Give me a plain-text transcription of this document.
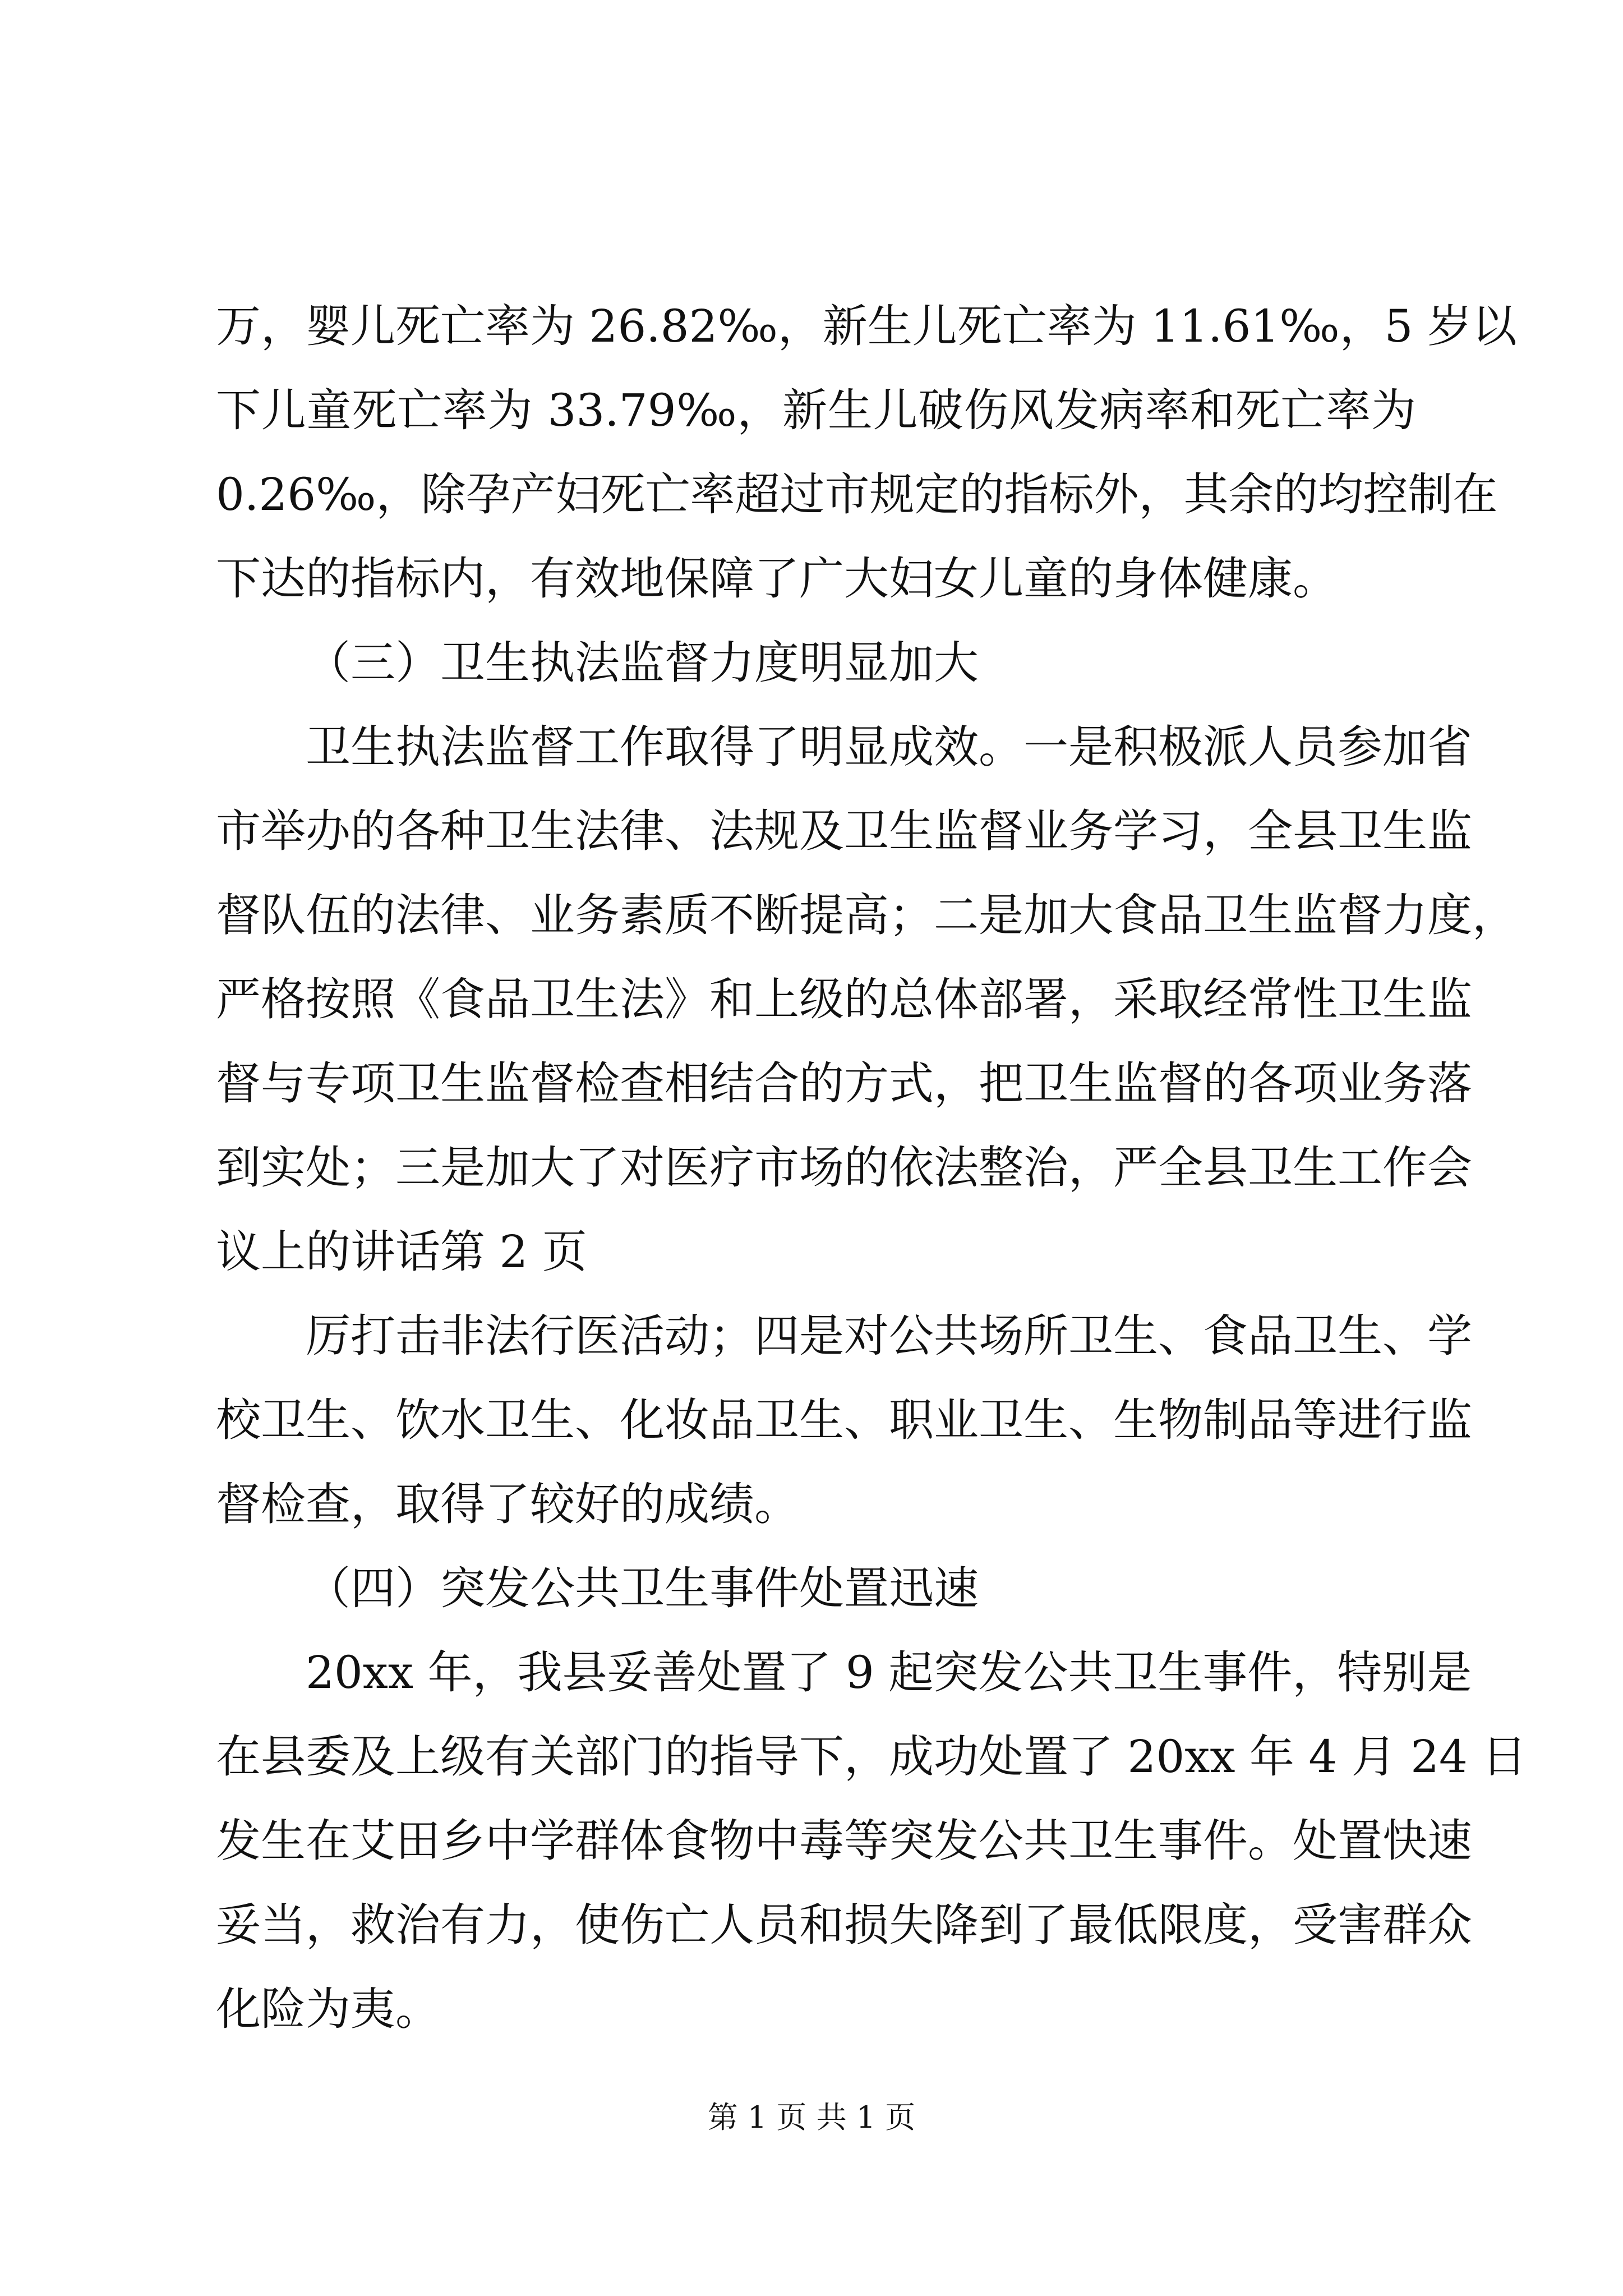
万，婴儿死亡率为 26.82‰，新生儿死亡率为 11.61‰，5 岁以
下儿童死亡率为 33.79‰，新生儿破伤风发病率和死亡率为
0.26‰，除孕产妇死亡率超过市规定的指标外，其余的均控制在
下达的指标内，有效地保障了广大妇女儿童的身体健康。
（三）卫生执法监督力度明显加大
卫生执法监督工作取得了明显成效。一是积极派人员参加省
市举办的各种卫生法律、法规及卫生监督业务学习，全县卫生监
督队伍的法律、业务素质不断提高；二是加大食品卫生监督力度，
严格按照《食品卫生法》和上级的总体部署，采取经常性卫生监
督与专项卫生监督检查相结合的方式，把卫生监督的各项业务落
到实处；三是加大了对医疗市场的依法整治，严全县卫生工作会
议上的讲话第 2 页
厉打击非法行医活动；四是对公共场所卫生、食品卫生、学
校卫生、饮水卫生、化妆品卫生、职业卫生、生物制品等进行监
督检查，取得了较好的成绩。
（四）突发公共卫生事件处置迅速
20xx 年，我县妥善处置了 9 起突发公共卫生事件，特别是
在县委及上级有关部门的指导下，成功处置了 20xx 年 4 月 24 日
发生在艾田乡中学群体食物中毒等突发公共卫生事件。处置快速
妥当，救治有力，使伤亡人员和损失降到了最低限度，受害群众
化险为夷。
第 1 页 共 1 页
